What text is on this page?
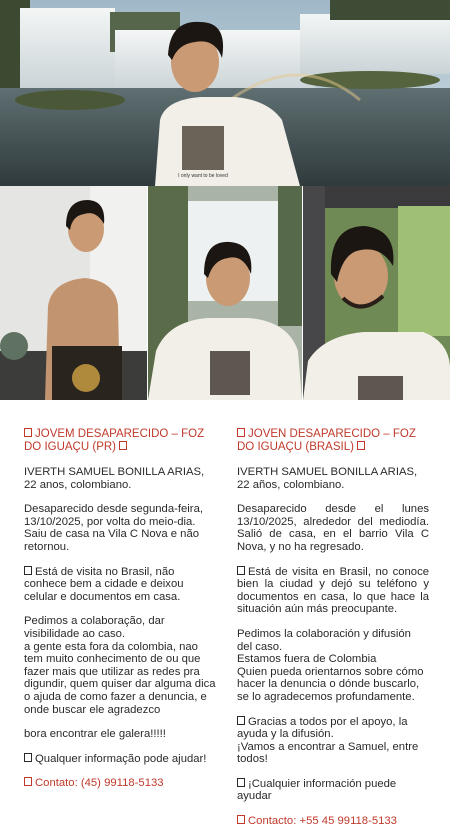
I only want to be loved
JOVEM DESAPARECIDO – FOZ DO IGUAÇU (PR)
IVERTH SAMUEL BONILLA ARIAS, 22 anos, colombiano.
Desaparecido desde segunda-feira, 13/10/2025, por volta do meio-dia. Saiu de casa na Vila C Nova e não retornou.
Está de visita no Brasil, não conhece bem a cidade e deixou celular e documentos em casa.
Pedimos a colaboração, dar visibilidade ao caso.
a gente esta fora da colombia, nao tem muito conhecimento de ou que fazer mais que utilizar as redes pra digundir, quem quiser dar alguma dica o ajuda de como fazer a denuncia, e onde buscar ele agradezco
bora encontrar ele galera!!!!!
Qualquer informação pode ajudar!
Contato: (45) 99118-5133
JOVEN DESAPARECIDO – FOZ DO IGUAÇU (BRASIL)
IVERTH SAMUEL BONILLA ARIAS, 22 años, colombiano.
Desaparecido desde el lunes 13/10/2025, alrededor del mediodía. Salió de casa, en el barrio Vila C Nova, y no ha regresado.
Está de visita en Brasil, no conoce bien la ciudad y dejó su teléfono y documentos en casa, lo que hace la situación aún más preocupante.
Pedimos la colaboración y difusión del caso.
Estamos fuera de Colombia
Quien pueda orientarnos sobre cómo hacer la denuncia o dónde buscarlo, se lo agradecemos profundamente.
Gracias a todos por el apoyo, la ayuda y la difusión.
¡Vamos a encontrar a Samuel, entre todos!
¡Cualquier información puede ayudar
Contacto: +55 45 99118-5133
